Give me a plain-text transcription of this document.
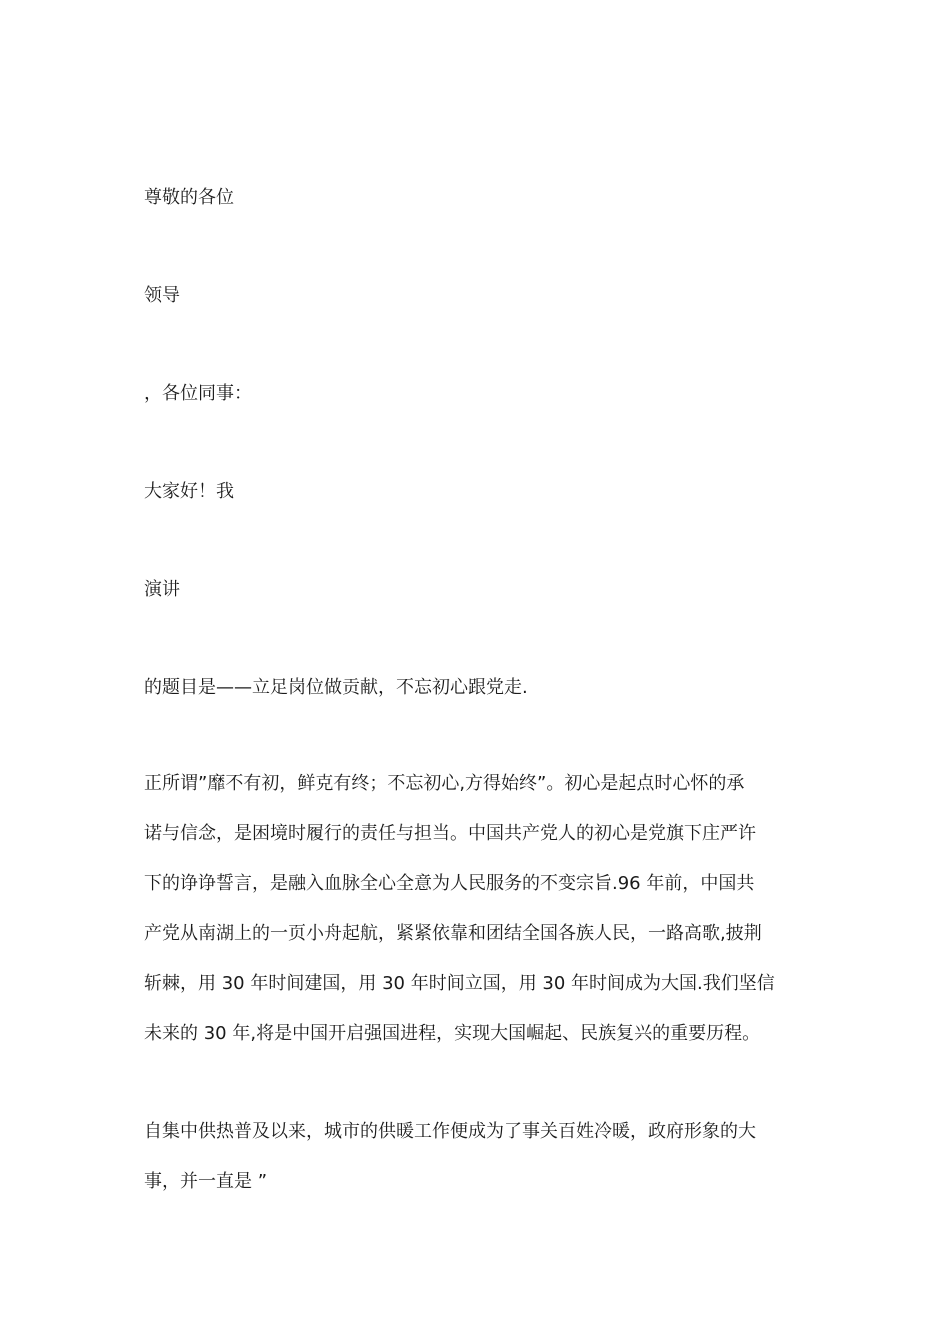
尊敬的各位
领导
，各位同事：
大家好！我
演讲
的题目是——立足岗位做贡献，不忘初心跟党走.
正所谓”靡不有初，鲜克有终；不忘初心,方得始终”。初心是起点时心怀的承
诺与信念，是困境时履行的责任与担当。中国共产党人的初心是党旗下庄严许
下的诤诤誓言，是融入血脉全心全意为人民服务的不变宗旨.96 年前，中国共
产党从南湖上的一页小舟起航，紧紧依靠和团结全国各族人民，一路高歌,披荆
斩棘，用 30 年时间建国，用 30 年时间立国，用 30 年时间成为大国.我们坚信
未来的 30 年,将是中国开启强国进程，实现大国崛起、民族复兴的重要历程。
自集中供热普及以来，城市的供暖工作便成为了事关百姓冷暖，政府形象的大
事，并一直是 ”
